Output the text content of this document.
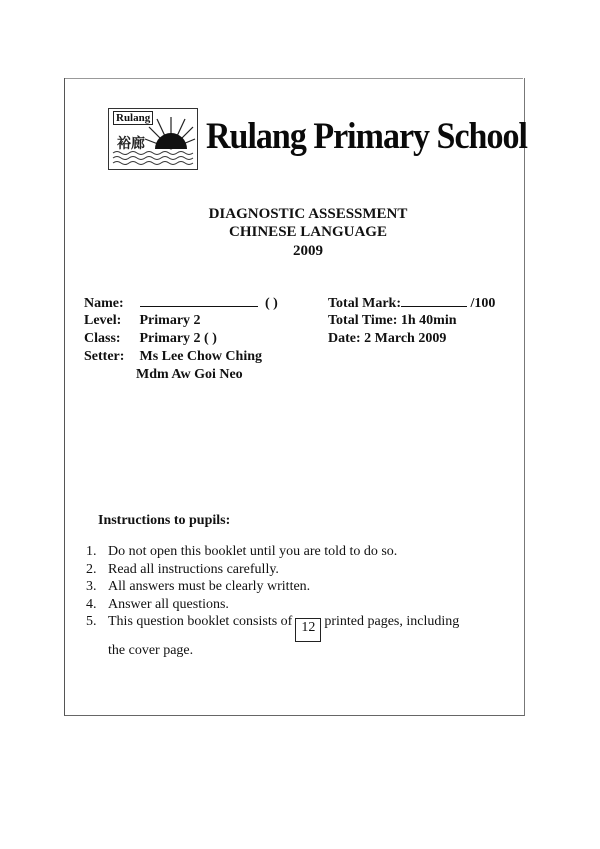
Rulang
裕廊 Rulang Primary School
DIAGNOSTIC ASSESSMENT
CHINESE LANGUAGE
2009
Name:	( )
Level: Primary 2
Class: Primary 2 ( )
Setter: Ms Lee Chow Ching
Mdm Aw Goi Neo
Total Mark:	/100
Total Time: 1h 40min
Date: 2 March 2009
Instructions to pupils:
1. Do not open this booklet until you are told to do so.
2. Read all instructions carefully.
3. All answers must be clearly written.
4. Answer all questions.
5. This question booklet consists of 12 printed pages, including
the cover page.
